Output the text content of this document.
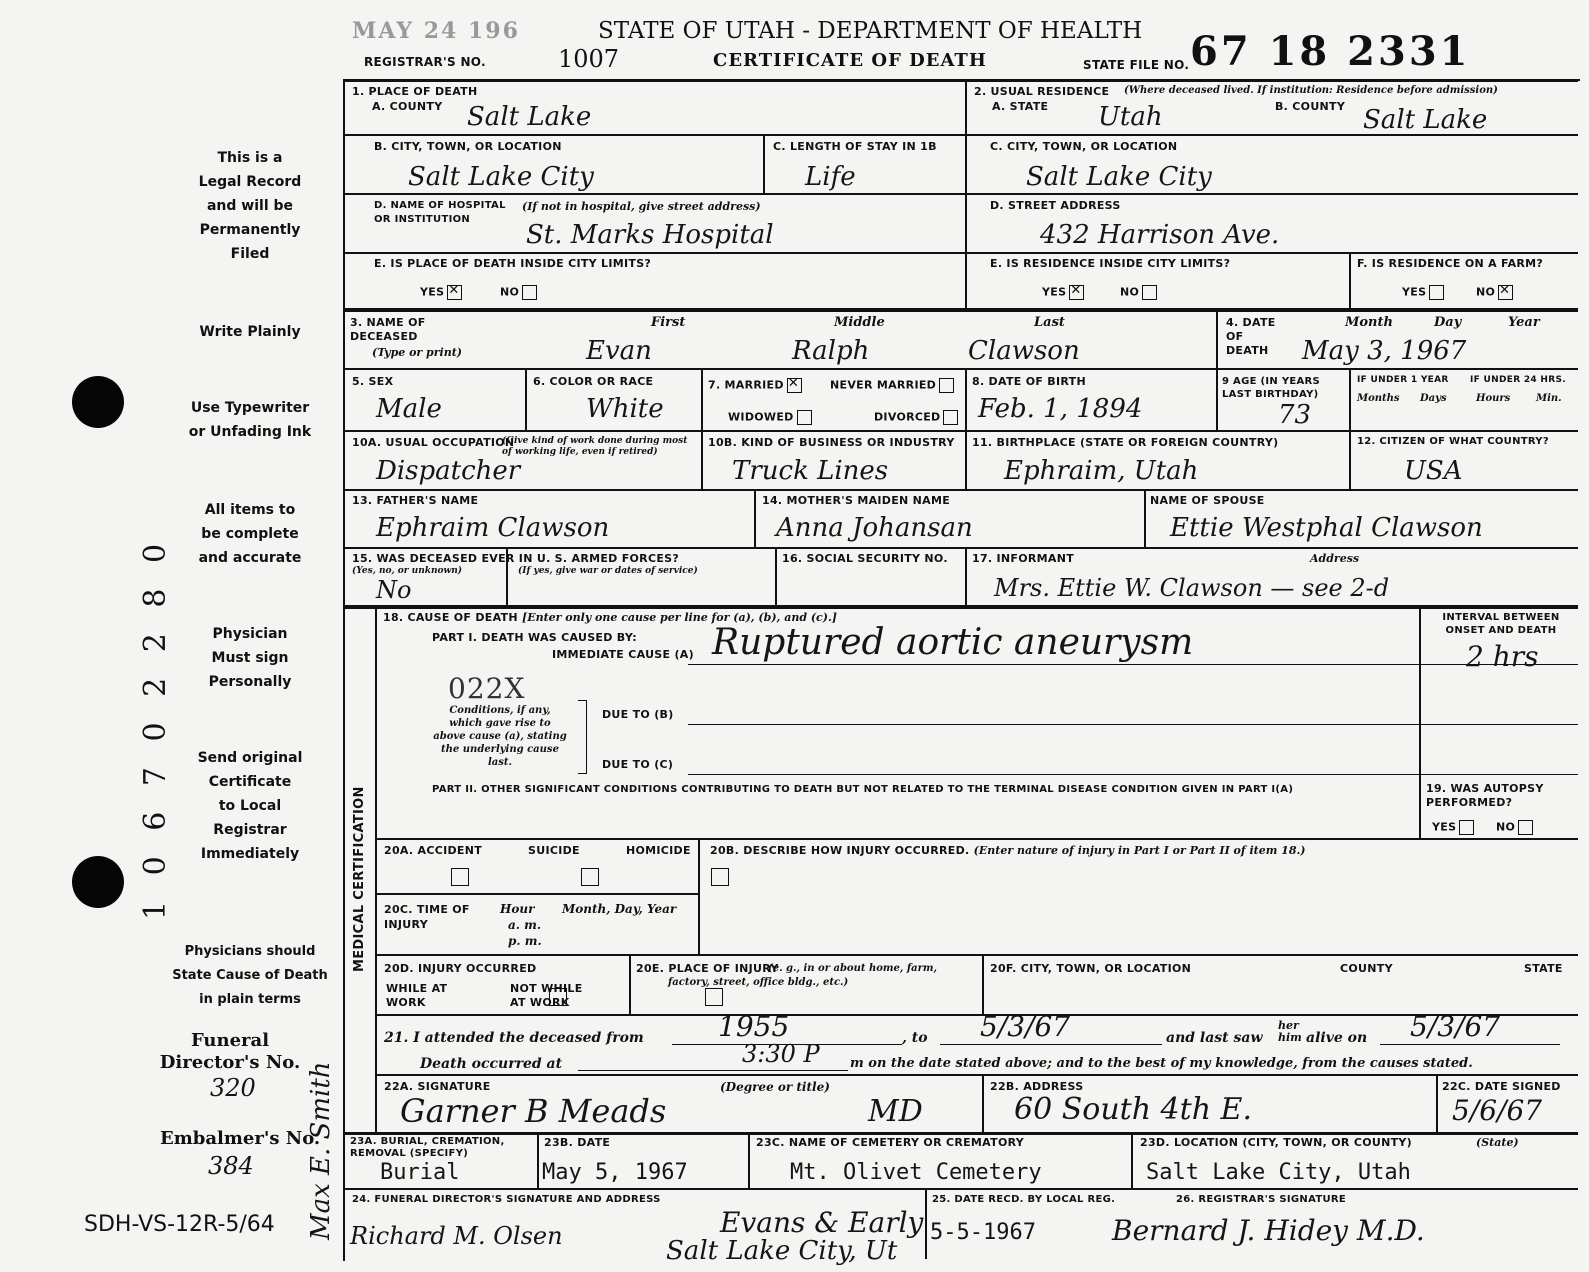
MAY 24 196	STATE OF UTAH - DEPARTMENT OF HEALTH
REGISTRAR'S NO.	1007	CERTIFICATE OF DEATH	STATE FILE NO. 67 18 2331
This is a
Legal Record
and will be
Permanently
Filed
Write Plainly
Use Typewriter
or Unfading Ink
All items to
be complete
and accurate
Physician
Must sign
Personally
Send original
Certificate
to Local
Registrar
Immediately
Physicians should
State Cause of Death
in plain terms
Funeral
Director's No.
320
Embalmer's No.
384
SDH-VS-12R-5/64
1 0 6 7 0 2 2 8 0
Max E. Smith
1. PLACE OF DEATH
A. COUNTY Salt Lake
2. USUAL RESIDENCE (Where deceased lived. If institution: Residence before admission)
A. STATE Utah	B. COUNTY Salt Lake
B. CITY, TOWN, OR LOCATION
Salt Lake City
C. LENGTH OF STAY IN 1B
Life
C. CITY, TOWN, OR LOCATION
Salt Lake City
D. NAME OF HOSPITAL OR INSTITUTION
(If not in hospital, give street address)
St. Marks Hospital
D. STREET ADDRESS
432 Harrison Ave.
E. IS PLACE OF DEATH INSIDE CITY LIMITS?
YES ✕	NO
E. IS RESIDENCE INSIDE CITY LIMITS?
YES ✕	NO
F. IS RESIDENCE ON A FARM?
YES	NO✕
3. NAME OF DECEASED
(Type or print)
First	Middle	Last
Evan	Ralph	Clawson
4. DATE OF DEATH
Month	Day	Year
May 3, 1967
5. SEX
Male
6. COLOR OR RACE
White
7. MARRIED ✕	NEVER MARRIED
WIDOWED	DIVORCED
8. DATE OF BIRTH
Feb. 1, 1894
9 AGE (IN YEARS LAST BIRTHDAY)
73
IF UNDER 1 YEAR IF UNDER 24 HRS.
Months Days	Hours	Min.
10A. USUAL OCCUPATION
(Give kind of work done during most of working life, even if retired)
Dispatcher
10B. KIND OF BUSINESS OR INDUSTRY
Truck Lines
11. BIRTHPLACE (STATE OR FOREIGN COUNTRY)
Ephraim, Utah
12. CITIZEN OF WHAT COUNTRY?
USA
13. FATHER'S NAME
Ephraim Clawson
14. MOTHER'S MAIDEN NAME
Anna Johansan
NAME OF SPOUSE
Ettie Westphal Clawson
15. WAS DECEASED EVER IN U. S. ARMED FORCES?
(Yes, no, or unknown)	(If yes, give war or dates of service)
No
16. SOCIAL SECURITY NO. 17. INFORMANT	Address
Mrs. Ettie W. Clawson — see 2-d
MEDICAL CERTIFICATION
18. CAUSE OF DEATH [Enter only one cause per line for (a), (b), and (c).]
PART I. DEATH WAS CAUSED BY:
IMMEDIATE CAUSE (A) Ruptured aortic aneurysm
INTERVAL BETWEEN ONSET AND DEATH
2 hrs
022X
Conditions, if any, which gave rise to above cause (a), stating the underlying cause last.
DUE TO (B)
DUE TO (C)
PART II. OTHER SIGNIFICANT CONDITIONS CONTRIBUTING TO DEATH BUT NOT RELATED TO THE TERMINAL DISEASE CONDITION GIVEN IN PART I(A)	19. WAS AUTOPSY PERFORMED?
YES	NO
20A. ACCIDENT	SUICIDE	HOMICIDE
20B. DESCRIBE HOW INJURY OCCURRED. (Enter nature of injury in Part I or Part II of item 18.)
20C. TIME OF INJURY
Hour
a. m.
p. m.
Month, Day, Year
20D. INJURY OCCURRED
WHILE AT WORK

NOT WHILE AT WORK
20E. PLACE OF INJURY
(e. g., in or about home, farm, factory, street, office bldg., etc.)
20F. CITY, TOWN, OR LOCATION	COUNTY	STATE
21. I attended the deceased from	1955	, to 5/3/67	and last saw
her
him alive on 5/3/67
Death occurred at	3:30 P m on the date stated above; and to the best of my knowledge, from the causes stated.
22A. SIGNATURE	(Degree or title)
Garner B Meads	MD
22B. ADDRESS
60 South 4th E.
22C. DATE SIGNED
5/6/67
23A. BURIAL, CREMATION, REMOVAL (SPECIFY)
Burial
23B. DATE
May 5, 1967
23C. NAME OF CEMETERY OR CREMATORY
Mt. Olivet Cemetery
23D. LOCATION (CITY, TOWN, OR COUNTY)	(State)
Salt Lake City, Utah
24. FUNERAL DIRECTOR'S SIGNATURE AND ADDRESS
Evans & Early
Salt Lake City, Ut
Richard M. Olsen
25. DATE RECD. BY LOCAL REG.
5-5-1967
26. REGISTRAR'S SIGNATURE
Bernard J. Hidey M.D.
